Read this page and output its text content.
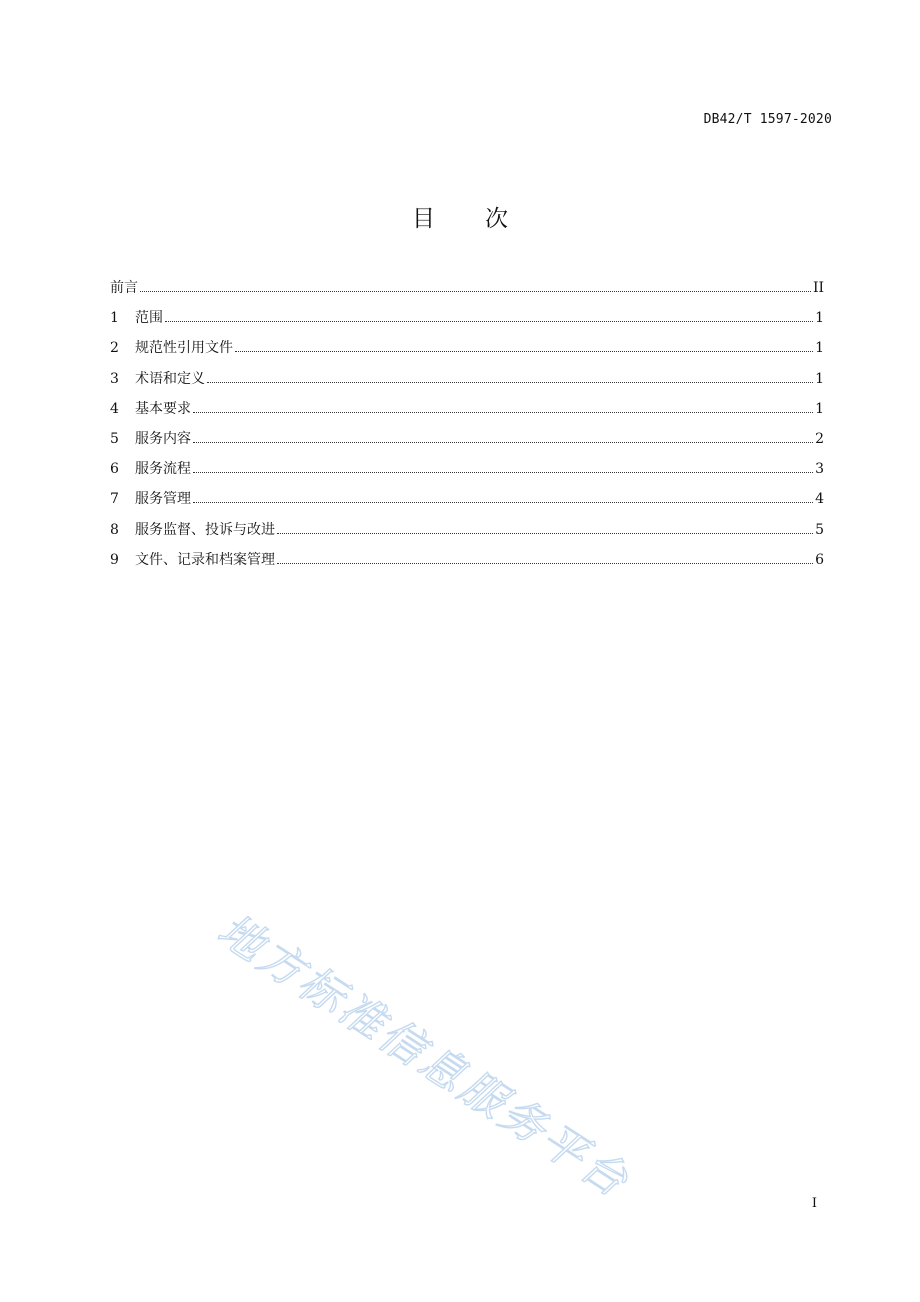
DB42/T 1597-2020
目 次
前言	II
1	范围	1
2	规范性引用文件	1
3	术语和定义	1
4	基本要求	1
5	服务内容	2
6	服务流程	3
7	服务管理	4
8	服务监督、投诉与改进	5
9	文件、记录和档案管理	6
地方标准信息服务平台	I
